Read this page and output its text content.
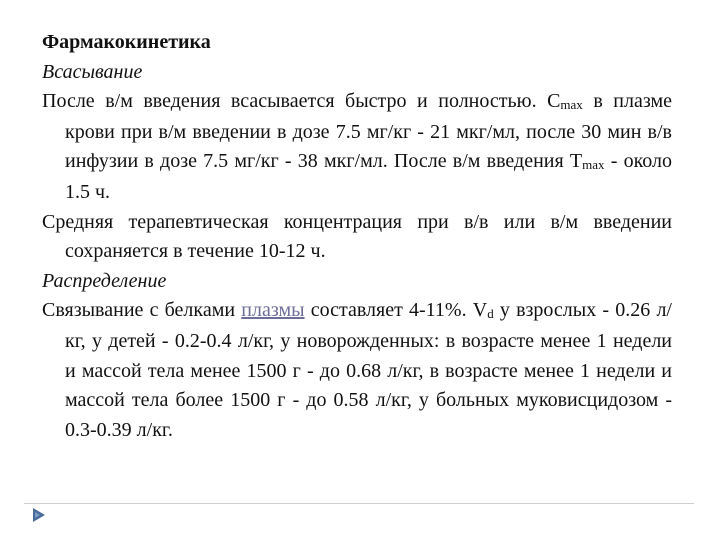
Фармакокинетика
Всасывание
После в/м введения всасывается быстро и полностью. Cmax в плазме крови при в/м введении в дозе 7.5 мг/кг - 21 мкг/мл, после 30 мин в/в инфузии в дозе 7.5 мг/кг - 38 мкг/мл. После в/м введения Tmax - около 1.5 ч.
Средняя терапевтическая концентрация при в/в или в/м введении сохраняется в течение 10-12 ч.
Распределение
Связывание с белками плазмы составляет 4-11%. Vd у взрослых - 0.26 л/кг, у детей - 0.2-0.4 л/кг, у новорожденных: в возрасте менее 1 недели и массой тела менее 1500 г - до 0.68 л/кг, в возрасте менее 1 недели и массой тела более 1500 г - до 0.58 л/кг, у больных муковисцидозом - 0.3-0.39 л/кг.
